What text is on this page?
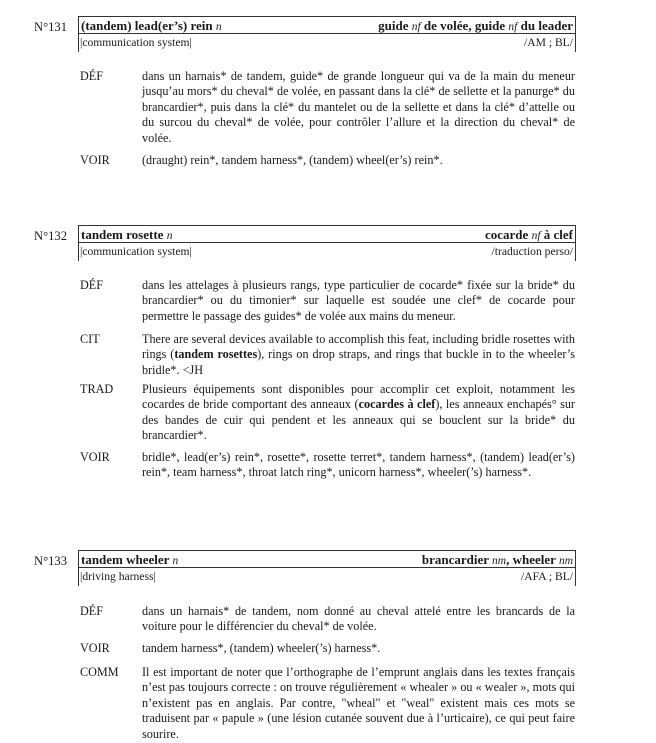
N°131 (tandem) lead(er’s) rein n	guide nf de volée, guide nf du leader
|communication system|	/AM ; BL/
DÉF	dans un harnais* de tandem, guide* de grande longueur qui va de la main du meneur jusqu’au mors* du cheval* de volée, en passant dans la clé* de sellette et la panurge* du brancardier*, puis dans la clé* du mantelet ou de la sellette et dans la clé* d’attelle ou du surcou du cheval* de volée, pour contrôler l’allure et la direction du cheval* de volée.
VOIR	(draught) rein*, tandem harness*, (tandem) wheel(er’s) rein*.
N°132 tandem rosette n	cocarde nf à clef
|communication system|	/traduction perso/
DÉF	dans les attelages à plusieurs rangs, type particulier de cocarde* fixée sur la bride* du brancardier* ou du timonier* sur laquelle est soudée une clef* de cocarde pour permettre le passage des guides* de volée aux mains du meneur.
CIT	There are several devices available to accomplish this feat, including bridle rosettes with rings (tandem rosettes), rings on drop straps, and rings that buckle in to the wheeler’s bridle*. <JH
TRAD Plusieurs équipements sont disponibles pour accomplir cet exploit, notamment les cocardes de bride comportant des anneaux (cocardes à clef), les anneaux enchapés° sur des bandes de cuir qui pendent et les anneaux qui se bouclent sur la bride* du brancardier*.
VOIR	bridle*, lead(er’s) rein*, rosette*, rosette terret*, tandem harness*, (tandem) lead(er’s) rein*, team harness*, throat latch ring*, unicorn harness*, wheeler(’s) harness*.
N°133 tandem wheeler n	brancardier nm, wheeler nm
|driving harness|	/AFA ; BL/
DÉF	dans un harnais* de tandem, nom donné au cheval attelé entre les brancards de la voiture pour le différencier du cheval* de volée.
VOIR	tandem harness*, (tandem) wheeler(’s) harness*.
COMM Il est important de noter que l’orthographe de l’emprunt anglais dans les textes français n’est pas toujours correcte : on trouve régulièrement « whealer » ou « wealer », mots qui n’existent pas en anglais. Par contre, "wheal" et "weal" existent mais ces mots se traduisent par « papule » (une lésion cutanée souvent due à l’urticaire), ce qui peut faire sourire.
